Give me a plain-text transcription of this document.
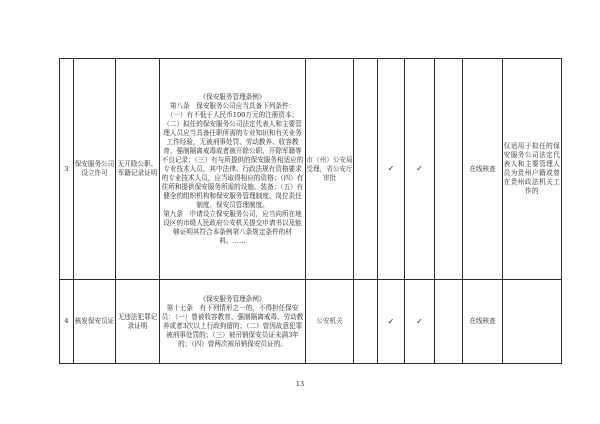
3	保安服务公司设立许可	无开除公职、军籍记录证明	《保安服务管理条例》
第八条　保安服务公司应当具备下列条件：
（一）有不低于人民币100万元的注册资本；
（二）拟任的保安服务公司法定代表人和主要管理人员应当具备任职所需的专业知识和有关业务工作经验，无被刑事处罚、劳动教养、收容教育、强制隔离戒毒或者被开除公职、开除军籍等不良记录；（三）有与所提供的保安服务相适应的专业技术人员，其中法律、行政法规有资格要求的专业技术人员，应当取得相应的资格；（四）有住所和提供保安服务所需的设施、装备；（五）有健全的组织机构和保安服务管理制度、岗位责任制度、保安员管理制度。
第九条　申请设立保安服务公司，应当向所在地设区的市级人民政府公安机关提交申请书以及能够证明其符合本条例第八条规定条件的材料。……	市（州）公安局受理，省公安厅审批		✓	✓		在线核查	仅适用于拟任的保安服务公司法定代表人和主要管理人员为贵州户籍或曾在贵州政法机关工作的
4	核发保安员证	无违法犯罪记录证明	《保安服务管理条例》
第十七条　有下列情形之一的，不得担任保安员：（一）曾被收容教育、强制隔离戒毒、劳动教养或者3次以上行政拘留的；（二）曾因故意犯罪被刑事处罚的；（三）被吊销保安员证未满3年的；（四）曾两次被吊销保安员证的。	公安机关		✓	✓		在线核查	
13
